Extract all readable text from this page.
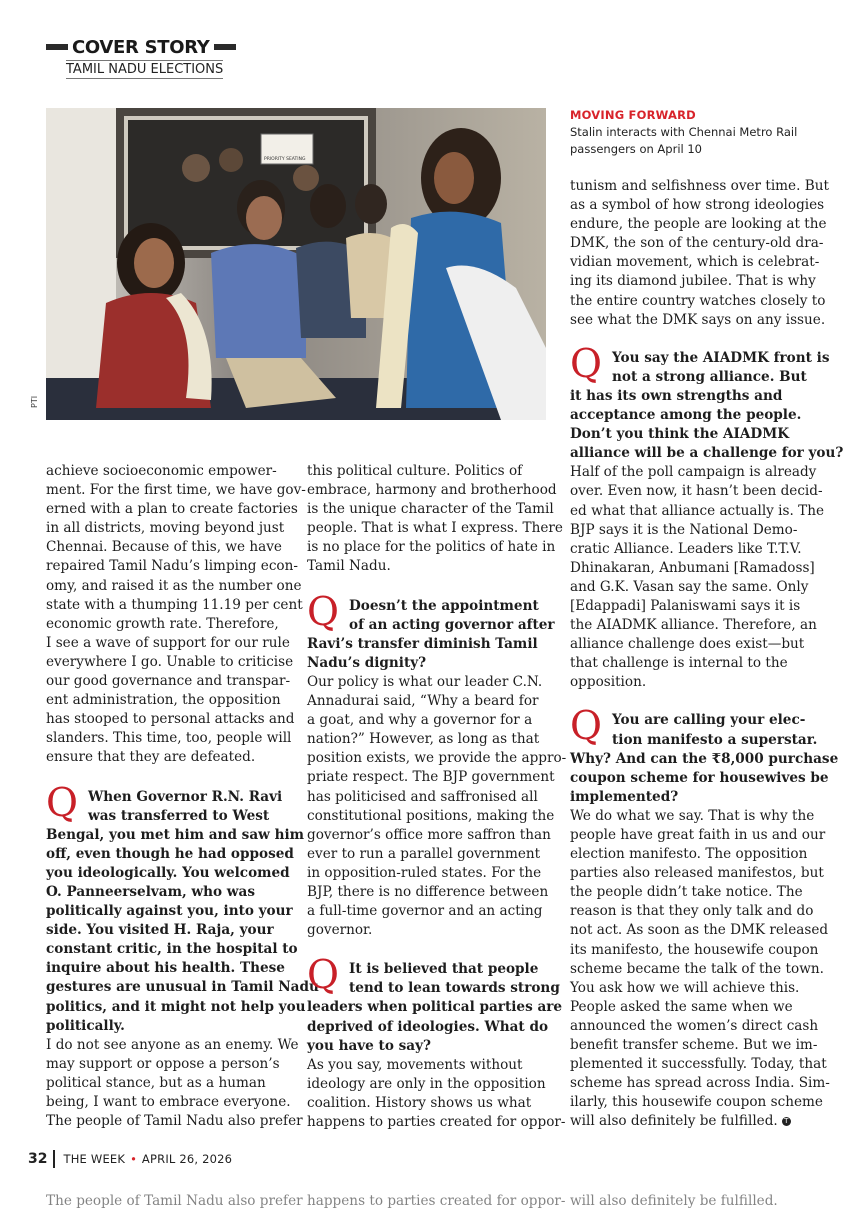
COVER STORY
TAMIL NADU ELECTIONS
PRIORITY SEATING
PTI
MOVING FORWARD
Stalin interacts with Chennai Metro Rail
passengers on April 10

achieve socioeconomic empower-

ment. For the first time, we have gov-

erned with a plan to create factories

in all districts, moving beyond just

Chennai. Because of this, we have

repaired Tamil Nadu’s limping econ-

omy, and raised it as the number one

state with a thumping 11.19 per cent

economic growth rate. Therefore,

I see a wave of support for our rule

everywhere I go. Unable to criticise

our good governance and transpar-

ent administration, the opposition

has stooped to personal attacks and

slanders. This time, too, people will

ensure that they are defeated.

Q When Governor R.N. Ravi

was transferred to West

Bengal, you met him and saw him

off, even though he had opposed

you ideologically. You welcomed

O. Panneerselvam, who was

politically against you, into your

side. You visited H. Raja, your

constant critic, in the hospital to

inquire about his health. These

gestures are unusual in Tamil Nadu

politics, and it might not help you

politically.

I do not see anyone as an enemy. We

may support or oppose a person’s

political stance, but as a human

being, I want to embrace everyone.

The people of Tamil Nadu also prefer

this political culture. Politics of

embrace, harmony and brotherhood

is the unique character of the Tamil

people. That is what I express. There

is no place for the politics of hate in

Tamil Nadu.

Q Doesn’t the appointment

of an acting governor after

Ravi’s transfer diminish Tamil

Nadu’s dignity?

Our policy is what our leader C.N.

Annadurai said, “Why a beard for

a goat, and why a governor for a

nation?” However, as long as that

position exists, we provide the appro-

priate respect. The BJP government

has politicised and saffronised all

constitutional positions, making the

governor’s office more saffron than

ever to run a parallel government

in opposition-ruled states. For the

BJP, there is no difference between

a full-time governor and an acting

governor.

Q It is believed that people

tend to lean towards strong

leaders when political parties are

deprived of ideologies. What do

you have to say?

As you say, movements without

ideology are only in the opposition

coalition. History shows us what

happens to parties created for oppor-

tunism and selfishness over time. But

as a symbol of how strong ideologies

endure, the people are looking at the

DMK, the son of the century-old dra-

vidian movement, which is celebrat-

ing its diamond jubilee. That is why

the entire country watches closely to

see what the DMK says on any issue.

Q You say the AIADMK front is

not a strong alliance. But

it has its own strengths and

acceptance among the people.

Don’t you think the AIADMK

alliance will be a challenge for you?

Half of the poll campaign is already

over. Even now, it hasn’t been decid-

ed what that alliance actually is. The

BJP says it is the National Demo-

cratic Alliance. Leaders like T.T.V.

Dhinakaran, Anbumani [Ramadoss]

and G.K. Vasan say the same. Only

[Edappadi] Palaniswami says it is

the AIADMK alliance. Therefore, an

alliance challenge does exist—but

that challenge is internal to the

opposition.

Q You are calling your elec-

tion manifesto a superstar.

Why? And can the ₹8,000 purchase

coupon scheme for housewives be

implemented?

We do what we say. That is why the

people have great faith in us and our

election manifesto. The opposition

parties also released manifestos, but

the people didn’t take notice. The

reason is that they only talk and do

not act. As soon as the DMK released

its manifesto, the housewife coupon

scheme became the talk of the town.

You ask how we will achieve this.

People asked the same when we

announced the women’s direct cash

benefit transfer scheme. But we im-

plemented it successfully. Today, that

scheme has spread across India. Sim-

ilarly, this housewife coupon scheme

will also definitely be fulfilled. T

32	THE WEEK • APRIL 26, 2026
The people of Tamil Nadu also prefer happens to parties created for oppor- will also definitely be fulfilled.
